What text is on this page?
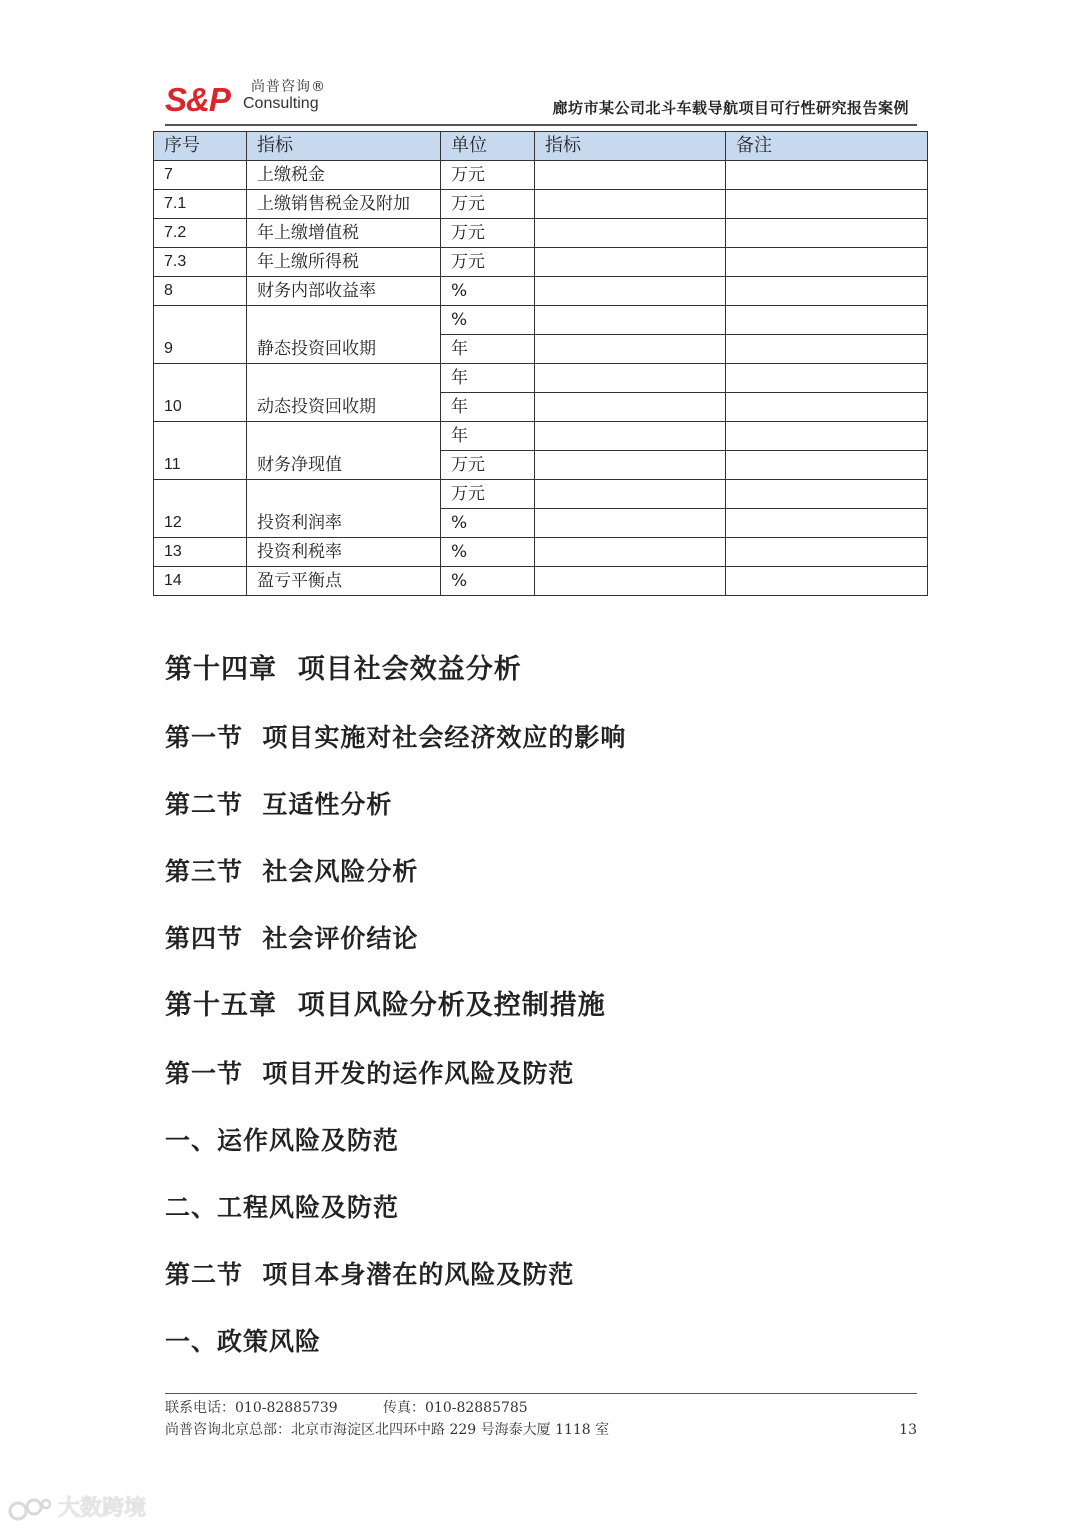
S&P 尚普咨询®
Consulting	廊坊市某公司北斗车载导航项目可行性研究报告案例
序号	指标	单位	指标	备注
7	上缴税金	万元		
7.1	上缴销售税金及附加	万元		
7.2	年上缴增值税	万元		
7.3	年上缴所得税	万元		
8	财务内部收益率	%		
9	静态投资回收期	%		
		年		
10	动态投资回收期	年		
		年		
11	财务净现值	年		
		万元		
12	投资利润率	万元		
		%		
13	投资利税率	%		
14	盈亏平衡点	%		
第十四章  项目社会效益分析
第一节  项目实施对社会经济效应的影响
第二节  互适性分析
第三节  社会风险分析
第四节  社会评价结论
第十五章  项目风险分析及控制措施
第一节  项目开发的运作风险及防范
一、运作风险及防范
二、工程风险及防范
第二节  项目本身潜在的风险及防范
一、政策风险
联系电话：010-82885739	传真：010-82885785
尚普咨询北京总部：北京市海淀区北四环中路 229 号海泰大厦 1118 室	13
大数跨境
